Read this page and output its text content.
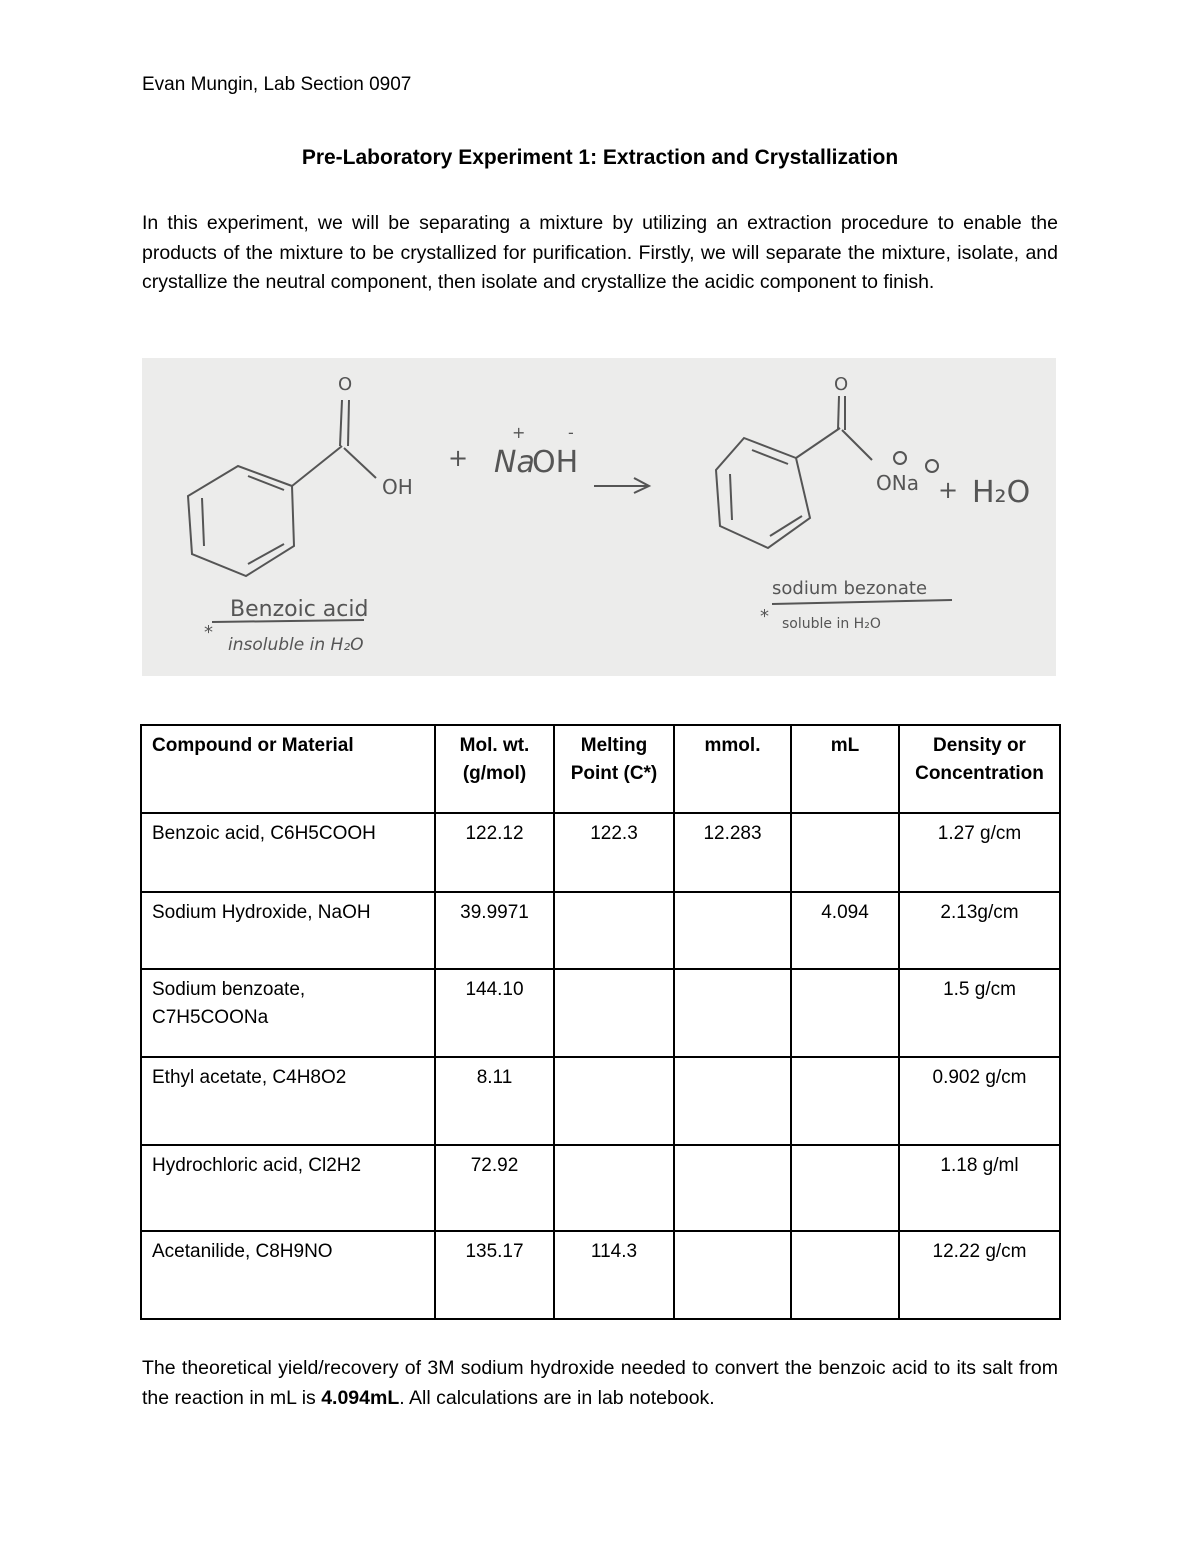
Evan Mungin, Lab Section 0907
Pre-Laboratory Experiment 1: Extraction and Crystallization
In this experiment, we will be separating a mixture by utilizing an extraction procedure to enable the products of the mixture to be crystallized for purification. Firstly, we will separate the mixture, isolate, and crystallize the neutral component, then isolate and crystallize the acidic component to finish.
O
OH
+ Na
+
OH
-
O
ONa + H₂O
Benzoic acid
*
insoluble in H₂O
sodium bezonate
* soluble in H₂O
Compound or Material	Mol. wt. (g/mol)	Melting Point (C*)	mmol.	mL	Density or Concentration
Benzoic acid, C6H5COOH	122.12	122.3	12.283		1.27 g/cm
Sodium Hydroxide, NaOH	39.9971			4.094	2.13g/cm
Sodium benzoate, C7H5COONa	144.10				1.5 g/cm
Ethyl acetate, C4H8O2	8.11				0.902 g/cm
Hydrochloric acid, Cl2H2	72.92				1.18 g/ml
Acetanilide, C8H9NO	135.17	114.3			12.22 g/cm
The theoretical yield/recovery of 3M sodium hydroxide needed to convert the benzoic acid to its salt from the reaction in mL is 4.094mL. All calculations are in lab notebook.
